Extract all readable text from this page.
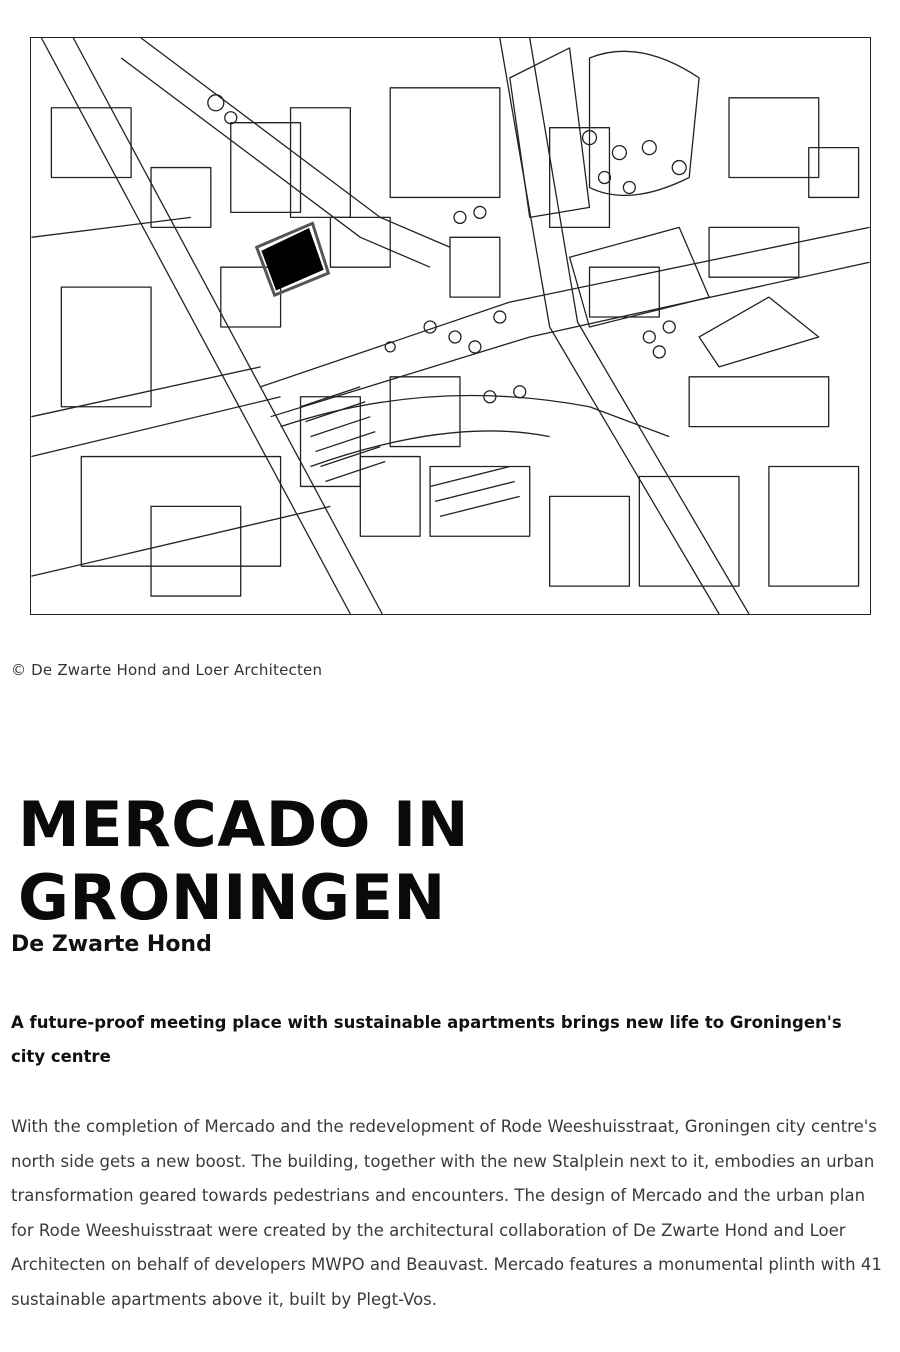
© De Zwarte Hond and Loer Architecten
MERCADO IN GRONINGEN
De Zwarte Hond

A future-proof meeting place with sustainable apartments brings new life to Groningen's city centre

With the completion of Mercado and the redevelopment of Rode Weeshuisstraat, Groningen city centre's north side gets a new boost. The building, together with the new Stalplein next to it, embodies an urban transformation geared towards pedestrians and encounters. The design of Mercado and the urban plan for Rode Weeshuisstraat were created by the architectural collaboration of De Zwarte Hond and Loer Architecten on behalf of developers MWPO and Beauvast. Mercado features a monumental plinth with 41 sustainable apartments above it, built by Plegt-Vos.
